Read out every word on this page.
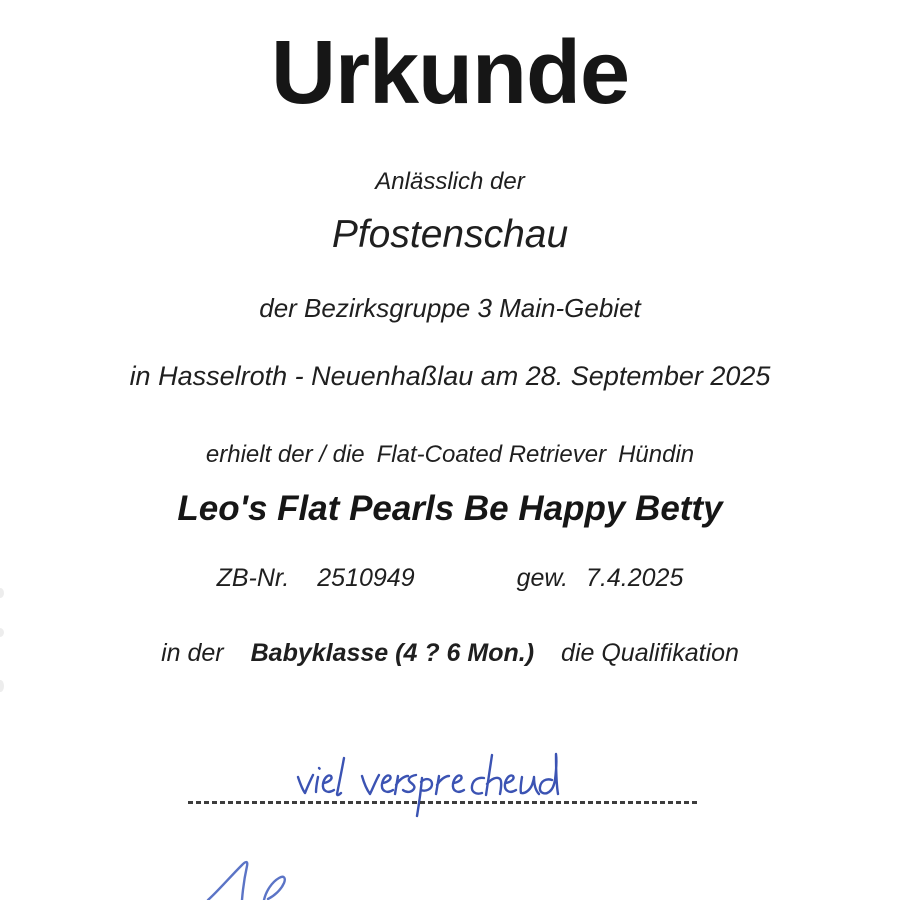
Urkunde
Anlässlich der
Pfostenschau
der Bezirksgruppe 3 Main-Gebiet
in Hasselroth - Neuenhaßlau am 28. September 2025
erhielt der / die Flat-Coated Retriever Hündin
Leo's Flat Pearls Be Happy Betty
ZB-Nr. 2510949	gew. 7.4.2025
in der Babyklasse (4 ? 6 Mon.) die Qualifikation
